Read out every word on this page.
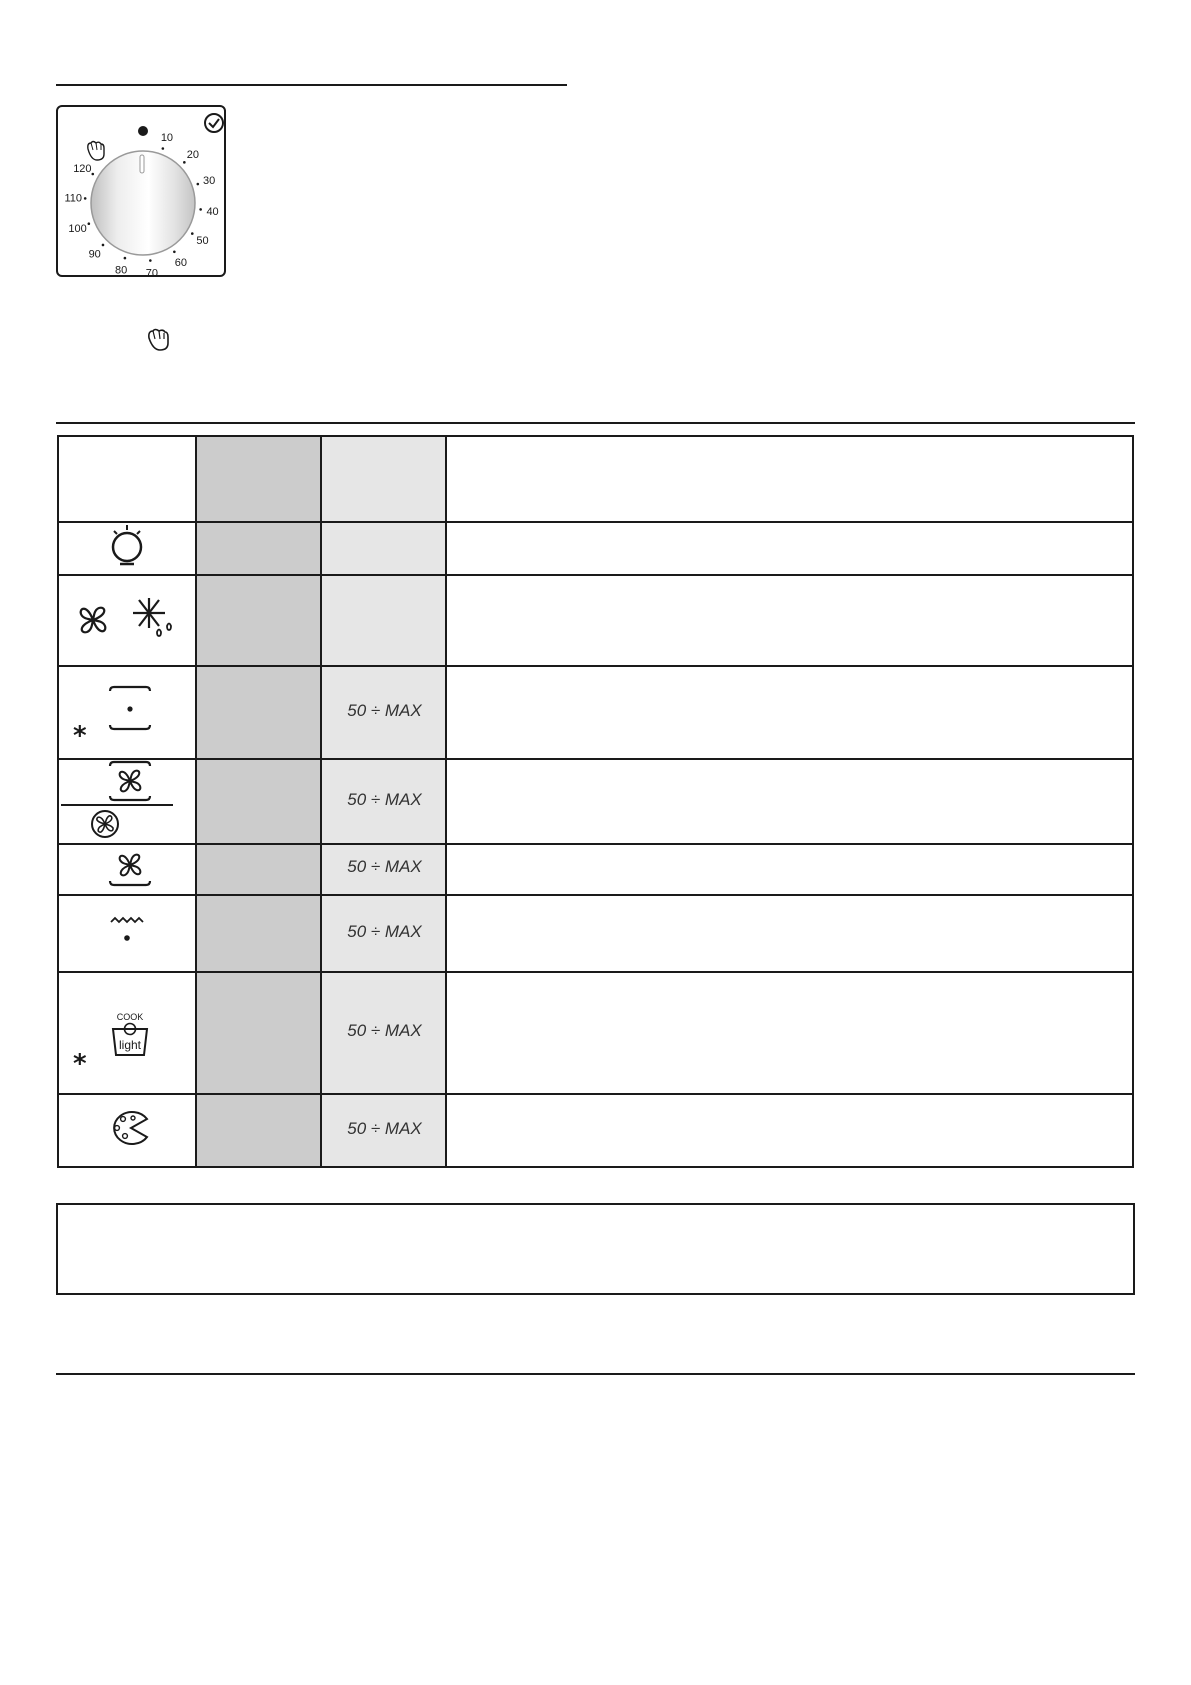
10
20
30
40
50
60
70
80
90
100
110
120
*
50 ÷ MAX
50 ÷ MAX
50 ÷ MAX
50 ÷ MAX
COOK
light
*
50 ÷ MAX
50 ÷ MAX
